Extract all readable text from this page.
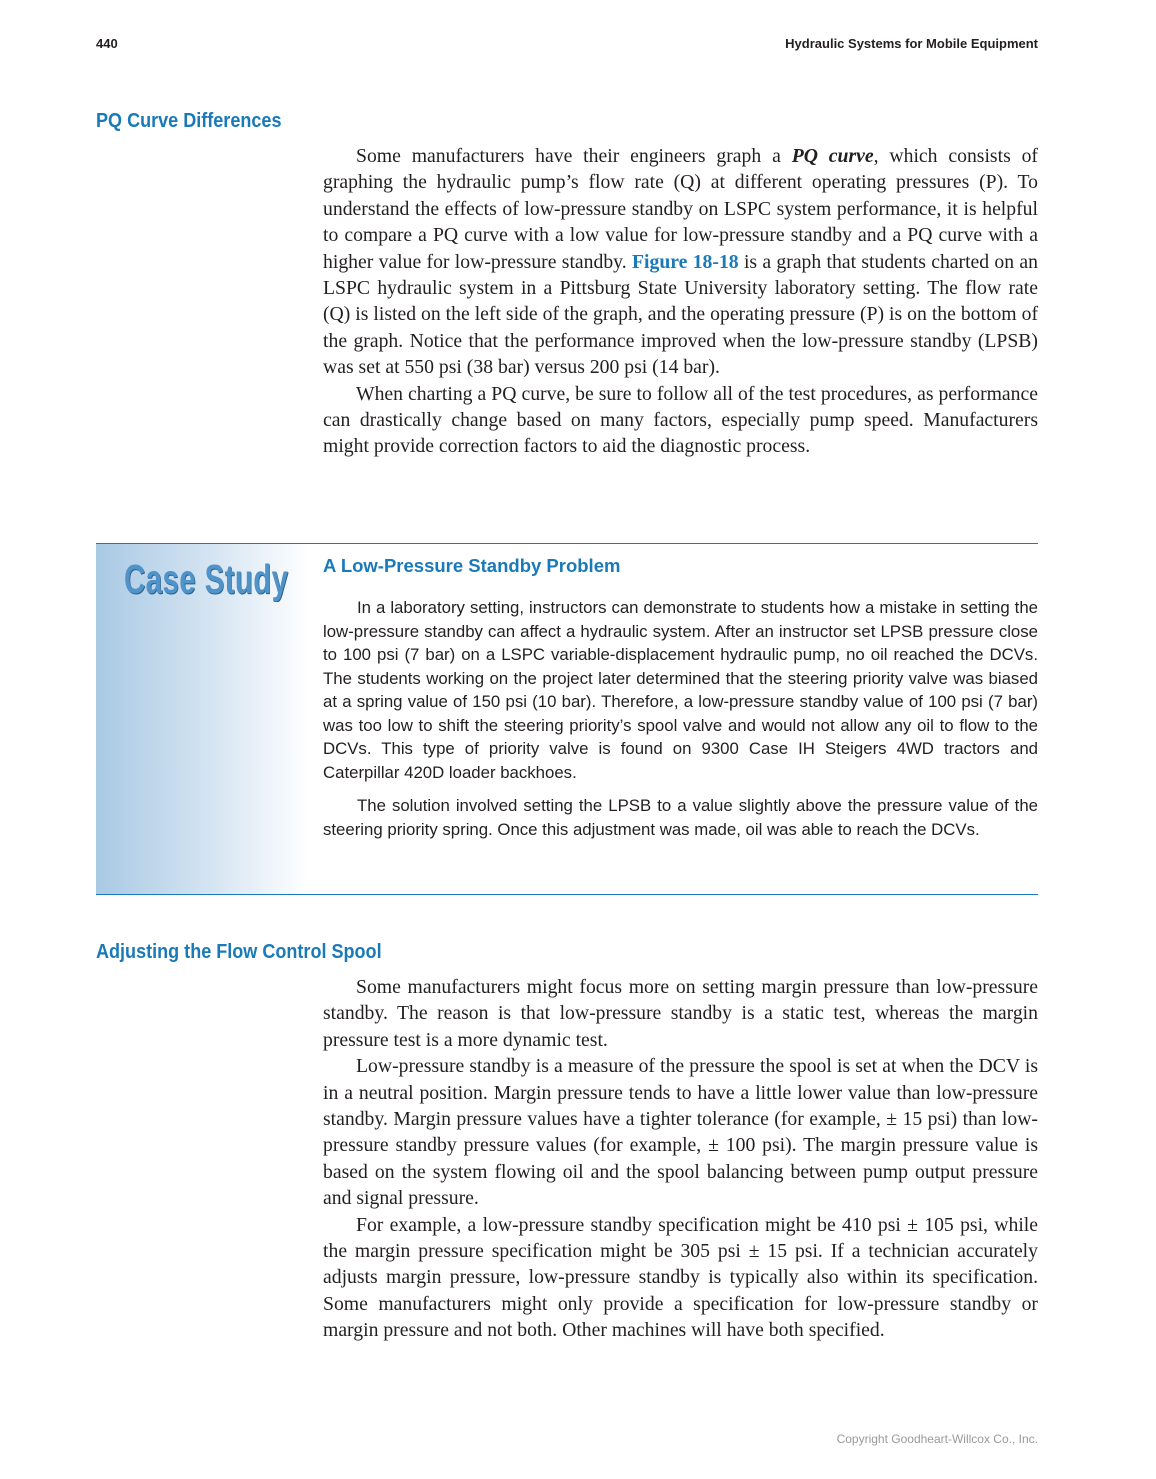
440	Hydraulic Systems for Mobile Equipment
PQ Curve Differences

Some manufacturers have their engineers graph a PQ curve, which consists of graphing the hydraulic pump’s flow rate (Q) at different operating pressures (P). To understand the effects of low-pressure standby on LSPC system performance, it is helpful to compare a PQ curve with a low value for low-pressure standby and a PQ curve with a higher value for low-pressure standby. Figure 18-18 is a graph that students charted on an LSPC hydraulic system in a Pittsburg State University laboratory setting. The flow rate (Q) is listed on the left side of the graph, and the operating pressure (P) is on the bottom of the graph. Notice that the performance improved when the low-pressure standby (LPSB) was set at 550 psi (38 bar) versus 200 psi (14 bar).

When charting a PQ curve, be sure to follow all of the test procedures, as performance can drastically change based on many factors, especially pump speed. Manufacturers might provide correction factors to aid the diagnostic process.

Case Study A Low-Pressure Standby Problem

In a laboratory setting, instructors can demonstrate to students how a mistake in setting the low-pressure standby can affect a hydraulic system. After an instructor set LPSB pressure close to 100 psi (7 bar) on a LSPC variable-displacement hydraulic pump, no oil reached the DCVs. The students working on the project later determined that the steering priority valve was biased at a spring value of 150 psi (10 bar). Therefore, a low-pressure standby value of 100 psi (7 bar) was too low to shift the steering priority’s spool valve and would not allow any oil to flow to the DCVs. This type of priority valve is found on 9300 Case IH Steigers 4WD tractors and Caterpillar 420D loader backhoes.

The solution involved setting the LPSB to a value slightly above the pressure value of the steering priority spring. Once this adjustment was made, oil was able to reach the DCVs.

Adjusting the Flow Control Spool

Some manufacturers might focus more on setting margin pressure than low-pressure standby. The reason is that low-pressure standby is a static test, whereas the margin pressure test is a more dynamic test.

Low-pressure standby is a measure of the pressure the spool is set at when the DCV is in a neutral position. Margin pressure tends to have a little lower value than low-pressure standby. Margin pressure values have a tighter tolerance (for example, ± 15 psi) than low-pressure standby pressure values (for example, ± 100 psi). The margin pressure value is based on the system flowing oil and the spool balancing between pump output pressure and signal pressure.

For example, a low-pressure standby specification might be 410 psi ± 105 psi, while the margin pressure specification might be 305 psi ± 15 psi. If a technician accurately adjusts margin pressure, low-pressure standby is typically also within its specification. Some manufacturers might only provide a specification for low-pressure standby or margin pressure and not both. Other machines will have both specified.

Copyright Goodheart-Willcox Co., Inc.
